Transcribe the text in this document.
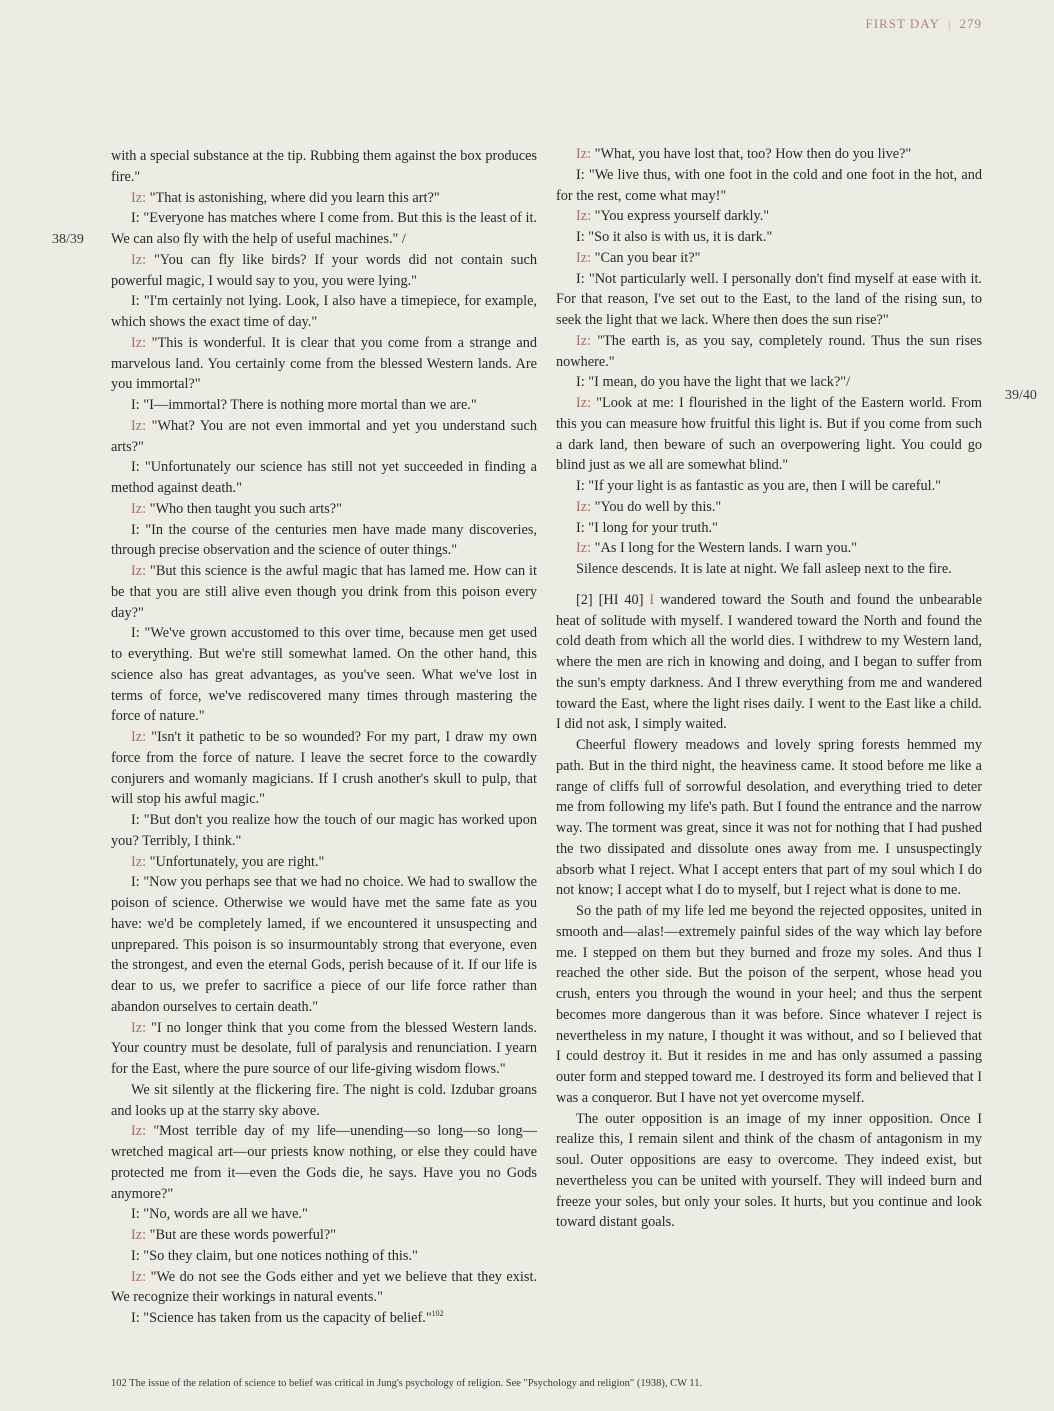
FIRST DAY | 279
38/39
39/40

with a special substance at the tip. Rubbing them against the box produces fire."

Iz: "That is astonishing, where did you learn this art?"

I: "Everyone has matches where I come from. But this is the least of it. We can also fly with the help of useful machines." /

Iz: "You can fly like birds? If your words did not contain such powerful magic, I would say to you, you were lying."

I: "I'm certainly not lying. Look, I also have a timepiece, for example, which shows the exact time of day."

Iz: "This is wonderful. It is clear that you come from a strange and marvelous land. You certainly come from the blessed Western lands. Are you immortal?"

I: "I—immortal? There is nothing more mortal than we are."

Iz: "What? You are not even immortal and yet you understand such arts?"

I: "Unfortunately our science has still not yet succeeded in finding a method against death."

Iz: "Who then taught you such arts?"

I: "In the course of the centuries men have made many discoveries, through precise observation and the science of outer things."

Iz: "But this science is the awful magic that has lamed me. How can it be that you are still alive even though you drink from this poison every day?"

I: "We've grown accustomed to this over time, because men get used to everything. But we're still somewhat lamed. On the other hand, this science also has great advantages, as you've seen. What we've lost in terms of force, we've rediscovered many times through mastering the force of nature."

Iz: "Isn't it pathetic to be so wounded? For my part, I draw my own force from the force of nature. I leave the secret force to the cowardly conjurers and womanly magicians. If I crush another's skull to pulp, that will stop his awful magic."

I: "But don't you realize how the touch of our magic has worked upon you? Terribly, I think."

Iz: "Unfortunately, you are right."

I: "Now you perhaps see that we had no choice. We had to swallow the poison of science. Otherwise we would have met the same fate as you have: we'd be completely lamed, if we encountered it unsuspecting and unprepared. This poison is so insurmountably strong that everyone, even the strongest, and even the eternal Gods, perish because of it. If our life is dear to us, we prefer to sacrifice a piece of our life force rather than abandon ourselves to certain death."

Iz: "I no longer think that you come from the blessed Western lands. Your country must be desolate, full of paralysis and renunciation. I yearn for the East, where the pure source of our life-giving wisdom flows."

We sit silently at the flickering fire. The night is cold. Izdubar groans and looks up at the starry sky above.

Iz: "Most terrible day of my life—unending—so long—so long—wretched magical art—our priests know nothing, or else they could have protected me from it—even the Gods die, he says. Have you no Gods anymore?"

I: "No, words are all we have."

Iz: "But are these words powerful?"

I: "So they claim, but one notices nothing of this."

Iz: "We do not see the Gods either and yet we believe that they exist. We recognize their workings in natural events."

I: "Science has taken from us the capacity of belief."$^{102}$

Iz: "What, you have lost that, too? How then do you live?"

I: "We live thus, with one foot in the cold and one foot in the hot, and for the rest, come what may!"

Iz: "You express yourself darkly."

I: "So it also is with us, it is dark."

Iz: "Can you bear it?"

I: "Not particularly well. I personally don't find myself at ease with it. For that reason, I've set out to the East, to the land of the rising sun, to seek the light that we lack. Where then does the sun rise?"

Iz: "The earth is, as you say, completely round. Thus the sun rises nowhere."

I: "I mean, do you have the light that we lack?"/

Iz: "Look at me: I flourished in the light of the Eastern world. From this you can measure how fruitful this light is. But if you come from such a dark land, then beware of such an overpowering light. You could go blind just as we all are somewhat blind."

I: "If your light is as fantastic as you are, then I will be careful."

Iz: "You do well by this."

I: "I long for your truth."

Iz: "As I long for the Western lands. I warn you."

Silence descends. It is late at night. We fall asleep next to the fire.

[2] [HI 40] I wandered toward the South and found the unbearable heat of solitude with myself. I wandered toward the North and found the cold death from which all the world dies. I withdrew to my Western land, where the men are rich in knowing and doing, and I began to suffer from the sun's empty darkness. And I threw everything from me and wandered toward the East, where the light rises daily. I went to the East like a child. I did not ask, I simply waited.

Cheerful flowery meadows and lovely spring forests hemmed my path. But in the third night, the heaviness came. It stood before me like a range of cliffs full of sorrowful desolation, and everything tried to deter me from following my life's path. But I found the entrance and the narrow way. The torment was great, since it was not for nothing that I had pushed the two dissipated and dissolute ones away from me. I unsuspectingly absorb what I reject. What I accept enters that part of my soul which I do not know; I accept what I do to myself, but I reject what is done to me.

So the path of my life led me beyond the rejected opposites, united in smooth and—alas!—extremely painful sides of the way which lay before me. I stepped on them but they burned and froze my soles. And thus I reached the other side. But the poison of the serpent, whose head you crush, enters you through the wound in your heel; and thus the serpent becomes more dangerous than it was before. Since whatever I reject is nevertheless in my nature, I thought it was without, and so I believed that I could destroy it. But it resides in me and has only assumed a passing outer form and stepped toward me. I destroyed its form and believed that I was a conqueror. But I have not yet overcome myself.

The outer opposition is an image of my inner opposition. Once I realize this, I remain silent and think of the chasm of antagonism in my soul. Outer oppositions are easy to overcome. They indeed exist, but nevertheless you can be united with yourself. They will indeed burn and freeze your soles, but only your soles. It hurts, but you continue and look toward distant goals.

102 The issue of the relation of science to belief was critical in Jung's psychology of religion. See "Psychology and religion" (1938), CW 11.
